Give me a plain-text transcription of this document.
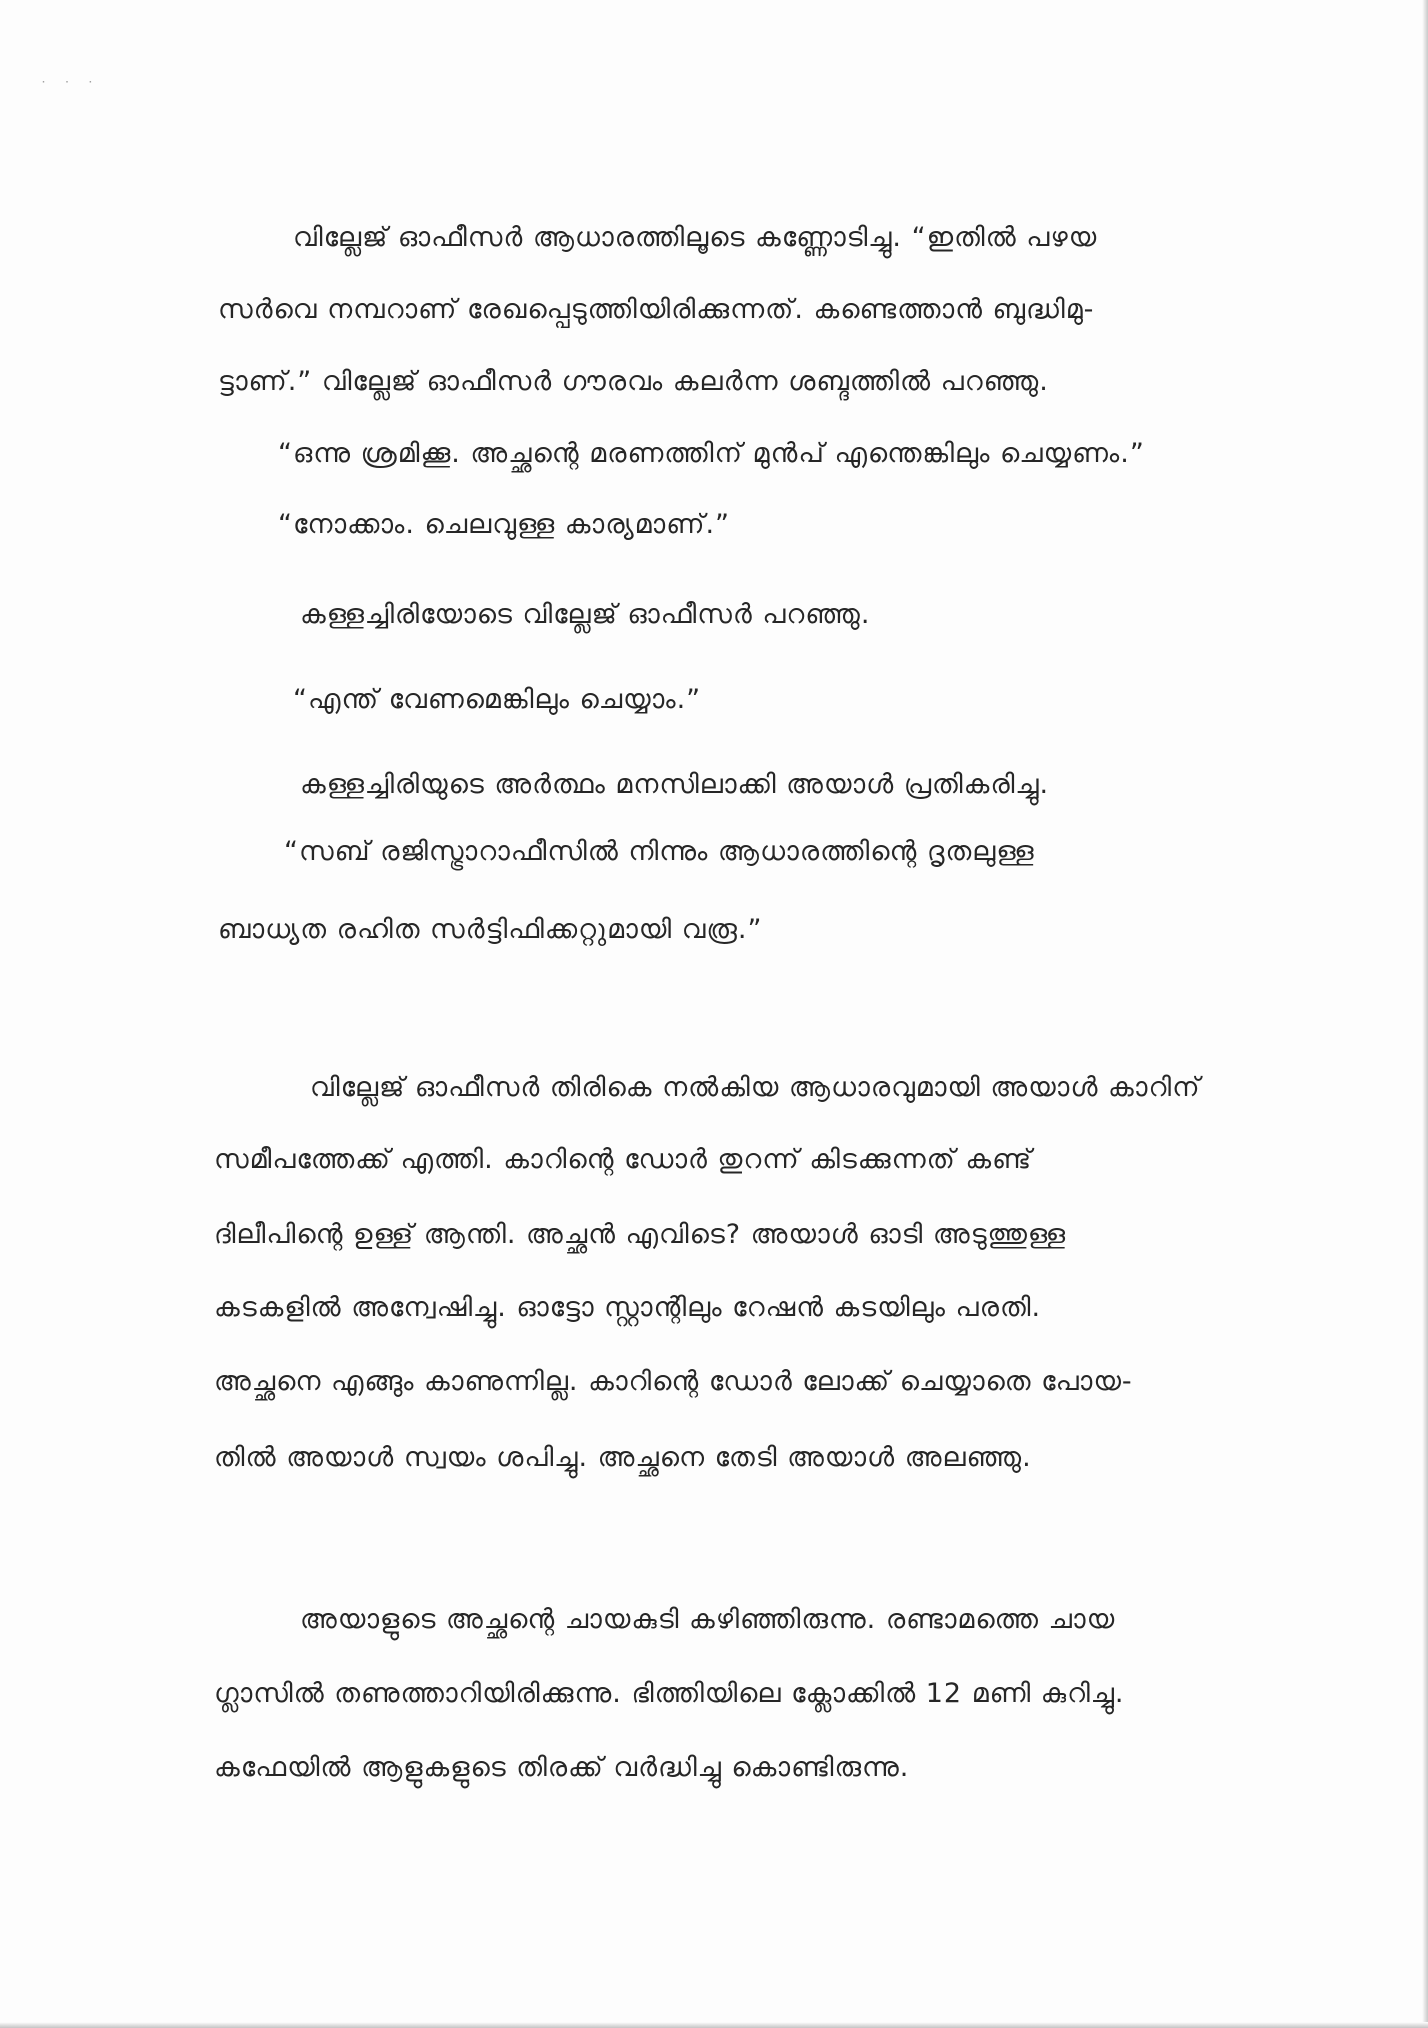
˙ ˙ ˙

വില്ലേജ് ഓഫീസർ ആധാരത്തിലൂടെ കണ്ണോടിച്ചു. “ഇതിൽ പഴയ

സർവെ നമ്പറാണ് രേഖപ്പെടുത്തിയിരിക്കുന്നത്. കണ്ടെത്താൻ ബുദ്ധിമു-

ട്ടാണ്.” വില്ലേജ് ഓഫീസർ ഗൗരവം കലർന്ന ശബ്ദത്തിൽ പറഞ്ഞു.

“ഒന്നു ശ്രമിക്കൂ. അച്ഛന്റെ മരണത്തിന് മുൻപ് എന്തെങ്കിലും ചെയ്യണം.”

“നോക്കാം. ചെലവുള്ള കാര്യമാണ്.”

കള്ളച്ചിരിയോടെ വില്ലേജ് ഓഫീസർ പറഞ്ഞു.

“എന്ത് വേണമെങ്കിലും ചെയ്യാം.”

കള്ളച്ചിരിയുടെ അർത്ഥം മനസിലാക്കി അയാൾ പ്രതികരിച്ചു.

“സബ് രജിസ്ട്രാറാഫീസിൽ നിന്നും ആധാരത്തിന്റെ ദൃതലുള്ള

ബാധ്യത രഹിത സർട്ടിഫിക്കറ്റുമായി വരൂ.”

വില്ലേജ് ഓഫീസർ തിരികെ നൽകിയ ആധാരവുമായി അയാൾ കാറിന്

സമീപത്തേക്ക് എത്തി. കാറിന്റെ ഡോർ തുറന്ന് കിടക്കുന്നത് കണ്ട്

ദിലീപിന്റെ ഉള്ള് ആന്തി. അച്ഛൻ എവിടെ? അയാൾ ഓടി അടുത്തുള്ള

കടകളിൽ അന്വേഷിച്ചു. ഓട്ടോ സ്റ്റാന്റിലും റേഷൻ കടയിലും പരതി.

അച്ഛനെ എങ്ങും കാണുന്നില്ല. കാറിന്റെ ഡോർ ലോക്ക് ചെയ്യാതെ പോയ-

തിൽ അയാൾ സ്വയം ശപിച്ചു. അച്ഛനെ തേടി അയാൾ അലഞ്ഞു.

അയാളുടെ അച്ഛന്റെ ചായകുടി കഴിഞ്ഞിരുന്നു. രണ്ടാമത്തെ ചായ

ഗ്ലാസിൽ തണുത്താറിയിരിക്കുന്നു. ഭിത്തിയിലെ ക്ലോക്കിൽ 12 മണി കുറിച്ചു.

കഫേയിൽ ആളുകളുടെ തിരക്ക് വർദ്ധിച്ചു കൊണ്ടിരുന്നു.
